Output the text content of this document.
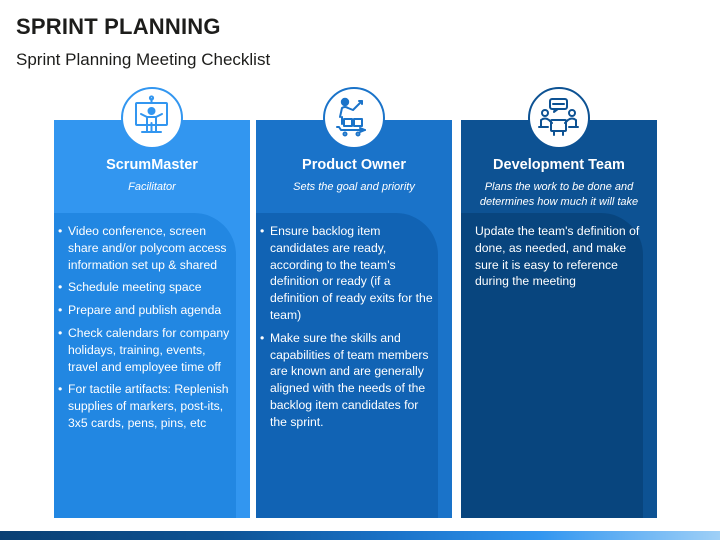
SPRINT PLANNING
Sprint Planning Meeting Checklist
ScrumMaster
Facilitator
• Video conference, screen share and/or polycom access information set up & shared
• Schedule meeting space
• Prepare and publish agenda
• Check calendars for company holidays, training, events, travel and employee time off
• For tactile artifacts: Replenish supplies of markers, post-its, 3x5 cards, pens, pins, etc
Product Owner
Sets the goal and priority
• Ensure backlog item candidates are ready, according to the team's definition or ready (if a definition of ready exits for the team)
• Make sure the skills and capabilities of team members are known and are generally aligned with the needs of the backlog item candidates for the sprint.
Development Team
Plans the work to be done and determines how much it will take
Update the team's definition of done, as needed, and make sure it is easy to reference during the meeting
